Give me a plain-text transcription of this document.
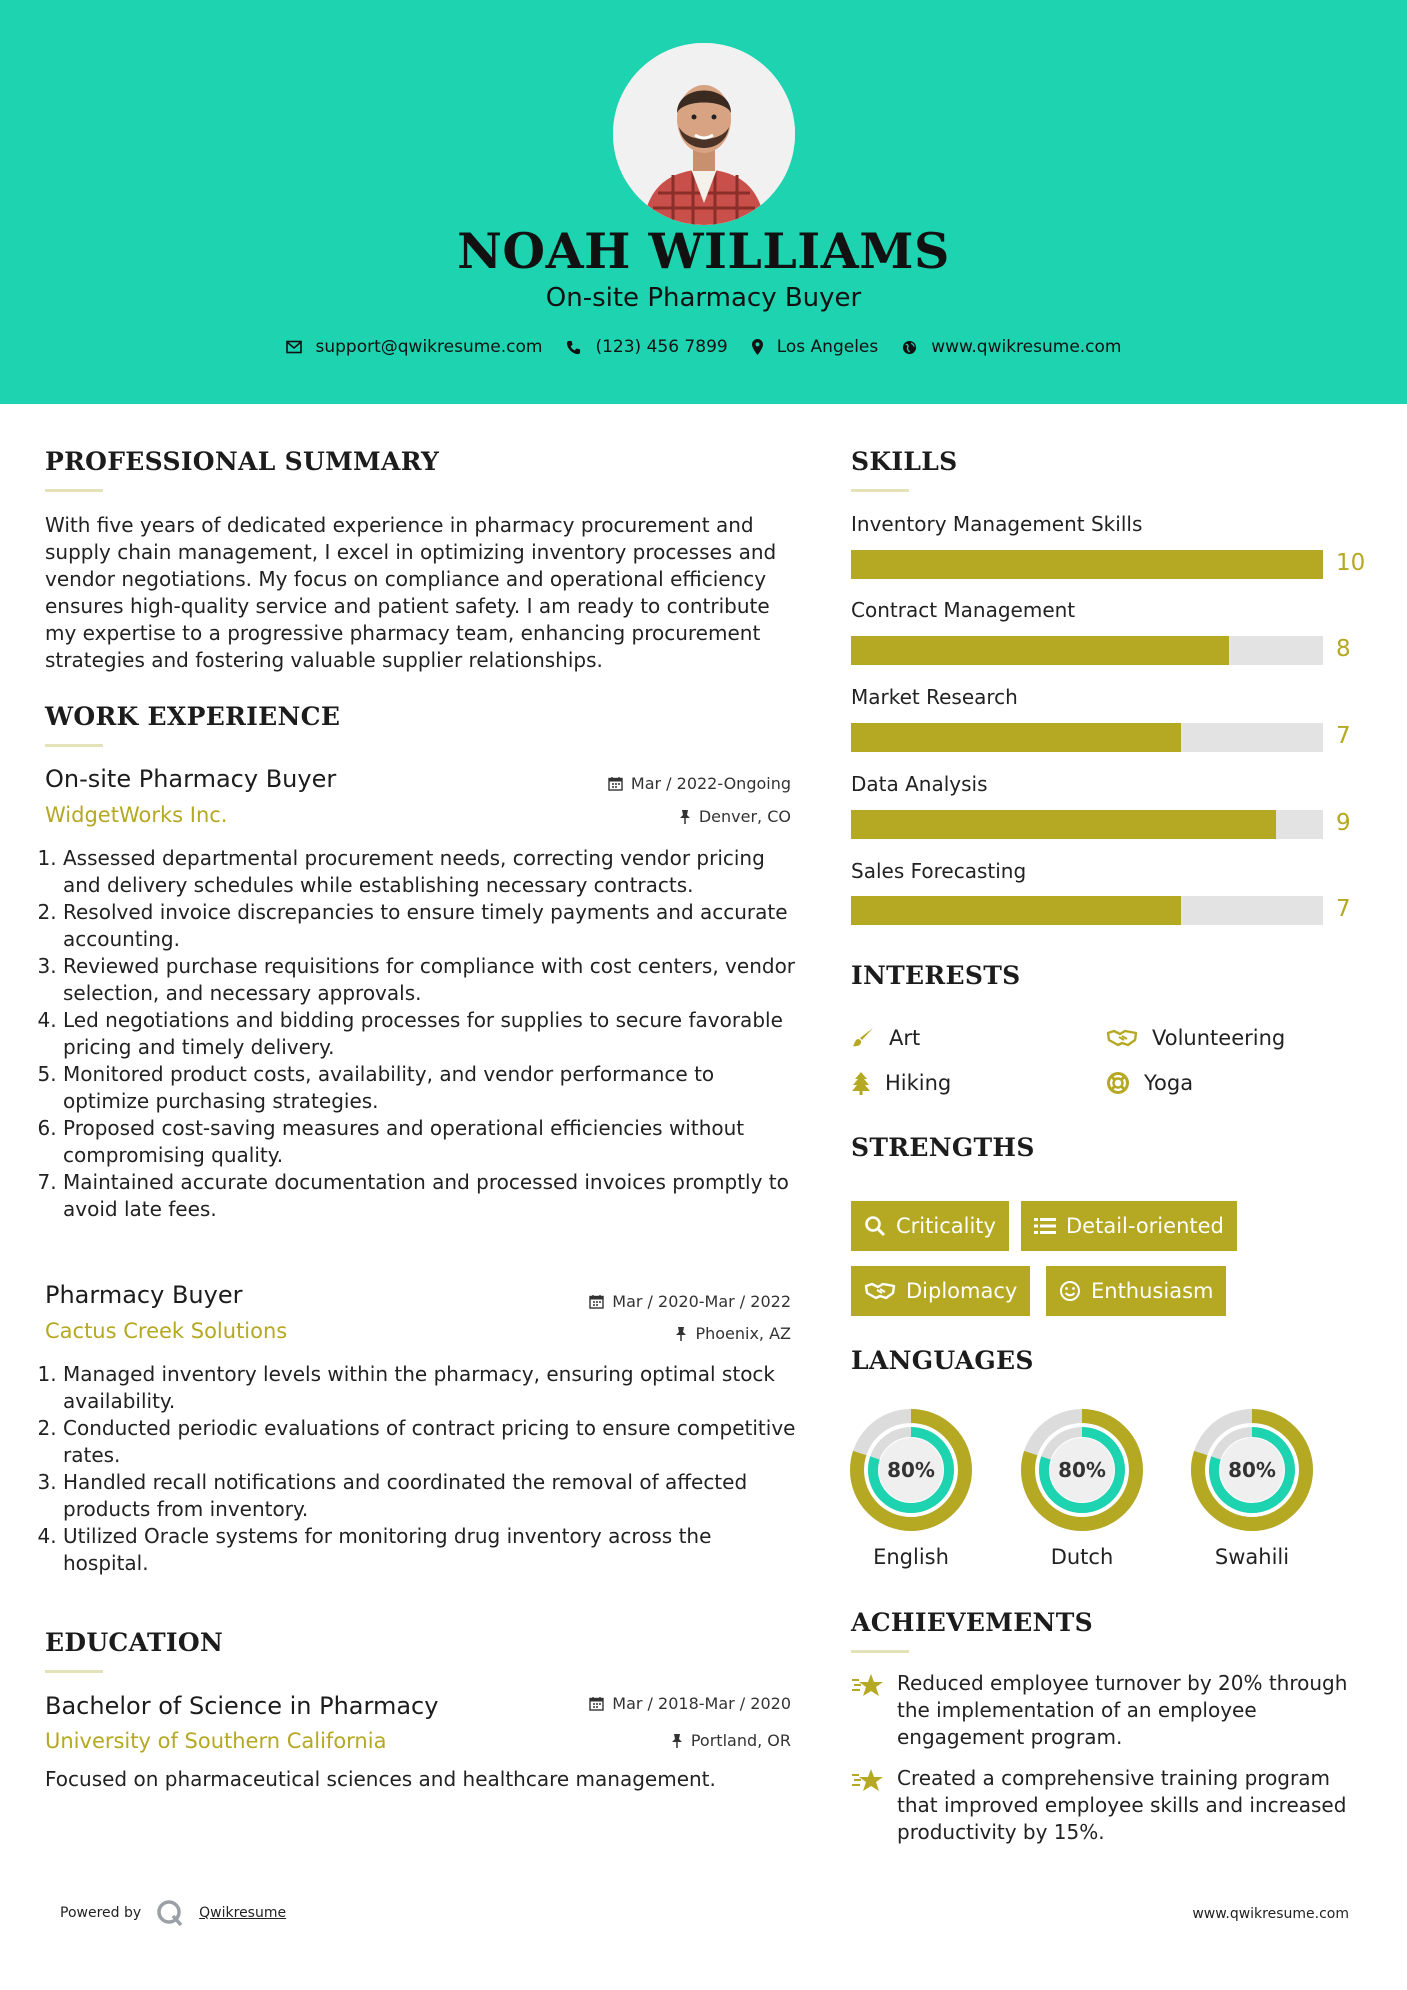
NOAH WILLIAMS
On-site Pharmacy Buyer
support@qwikresume.com	(123) 456 7899	Los Angeles	www.qwikresume.com
PROFESSIONAL SUMMARY
With five years of dedicated experience in pharmacy procurement and supply chain management, I excel in optimizing inventory processes and vendor negotiations. My focus on compliance and operational efficiency ensures high-quality service and patient safety. I am ready to contribute my expertise to a progressive pharmacy team, enhancing procurement strategies and fostering valuable supplier relationships.
WORK EXPERIENCE
On-site Pharmacy Buyer	Mar / 2022-Ongoing
WidgetWorks Inc.	Denver, CO
1. Assessed departmental procurement needs, correcting vendor pricing and delivery schedules while establishing necessary contracts.
2. Resolved invoice discrepancies to ensure timely payments and accurate accounting.
3. Reviewed purchase requisitions for compliance with cost centers, vendor selection, and necessary approvals.
4. Led negotiations and bidding processes for supplies to secure favorable pricing and timely delivery.
5. Monitored product costs, availability, and vendor performance to optimize purchasing strategies.
6. Proposed cost-saving measures and operational efficiencies without compromising quality.
7. Maintained accurate documentation and processed invoices promptly to avoid late fees.
Pharmacy Buyer	Mar / 2020-Mar / 2022
Cactus Creek Solutions	Phoenix, AZ
1. Managed inventory levels within the pharmacy, ensuring optimal stock availability.
2. Conducted periodic evaluations of contract pricing to ensure competitive rates.
3. Handled recall notifications and coordinated the removal of affected products from inventory.
4. Utilized Oracle systems for monitoring drug inventory across the hospital.
EDUCATION
Bachelor of Science in Pharmacy	Mar / 2018-Mar / 2020
University of Southern California	Portland, OR
Focused on pharmaceutical sciences and healthcare management.
SKILLS
Inventory Management Skills
10
Contract Management
8
Market Research
7
Data Analysis
9
Sales Forecasting
7
INTERESTS
Art	Volunteering
Hiking	Yoga
STRENGTHS
Criticality	Detail-oriented
Diplomacy	Enthusiasm
LANGUAGES
80%
English
80%
Dutch
80%
Swahili
ACHIEVEMENTS
Reduced employee turnover by 20% through the implementation of an employee engagement program.
Created a comprehensive training program that improved employee skills and increased productivity by 15%.
Powered by	Qwikresume	www.qwikresume.com
